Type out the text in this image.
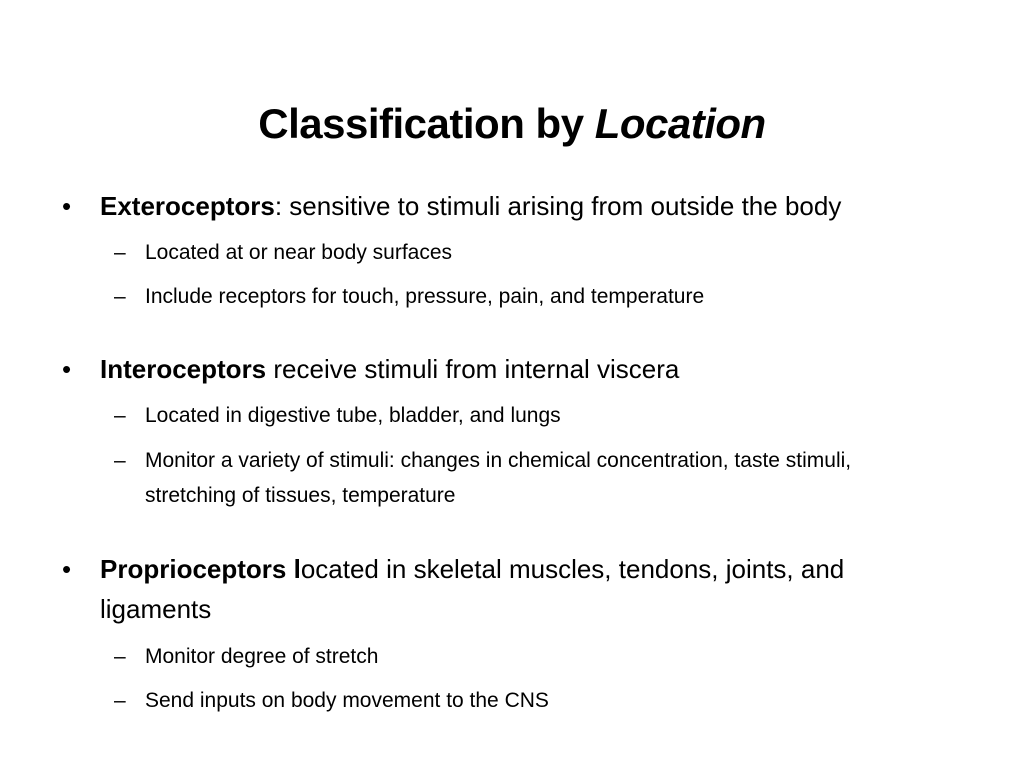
Classification by Location
•	Exteroceptors: sensitive to stimuli arising from outside the body
– Located at or near body surfaces
– Include receptors for touch, pressure, pain, and temperature
•	Interoceptors receive stimuli from internal viscera
– Located in digestive tube, bladder, and lungs
– Monitor a variety of stimuli: changes in chemical concentration, taste stimuli, stretching of tissues, temperature
•	Proprioceptors located in skeletal muscles, tendons, joints, and ligaments
– Monitor degree of stretch
– Send inputs on body movement to the CNS
